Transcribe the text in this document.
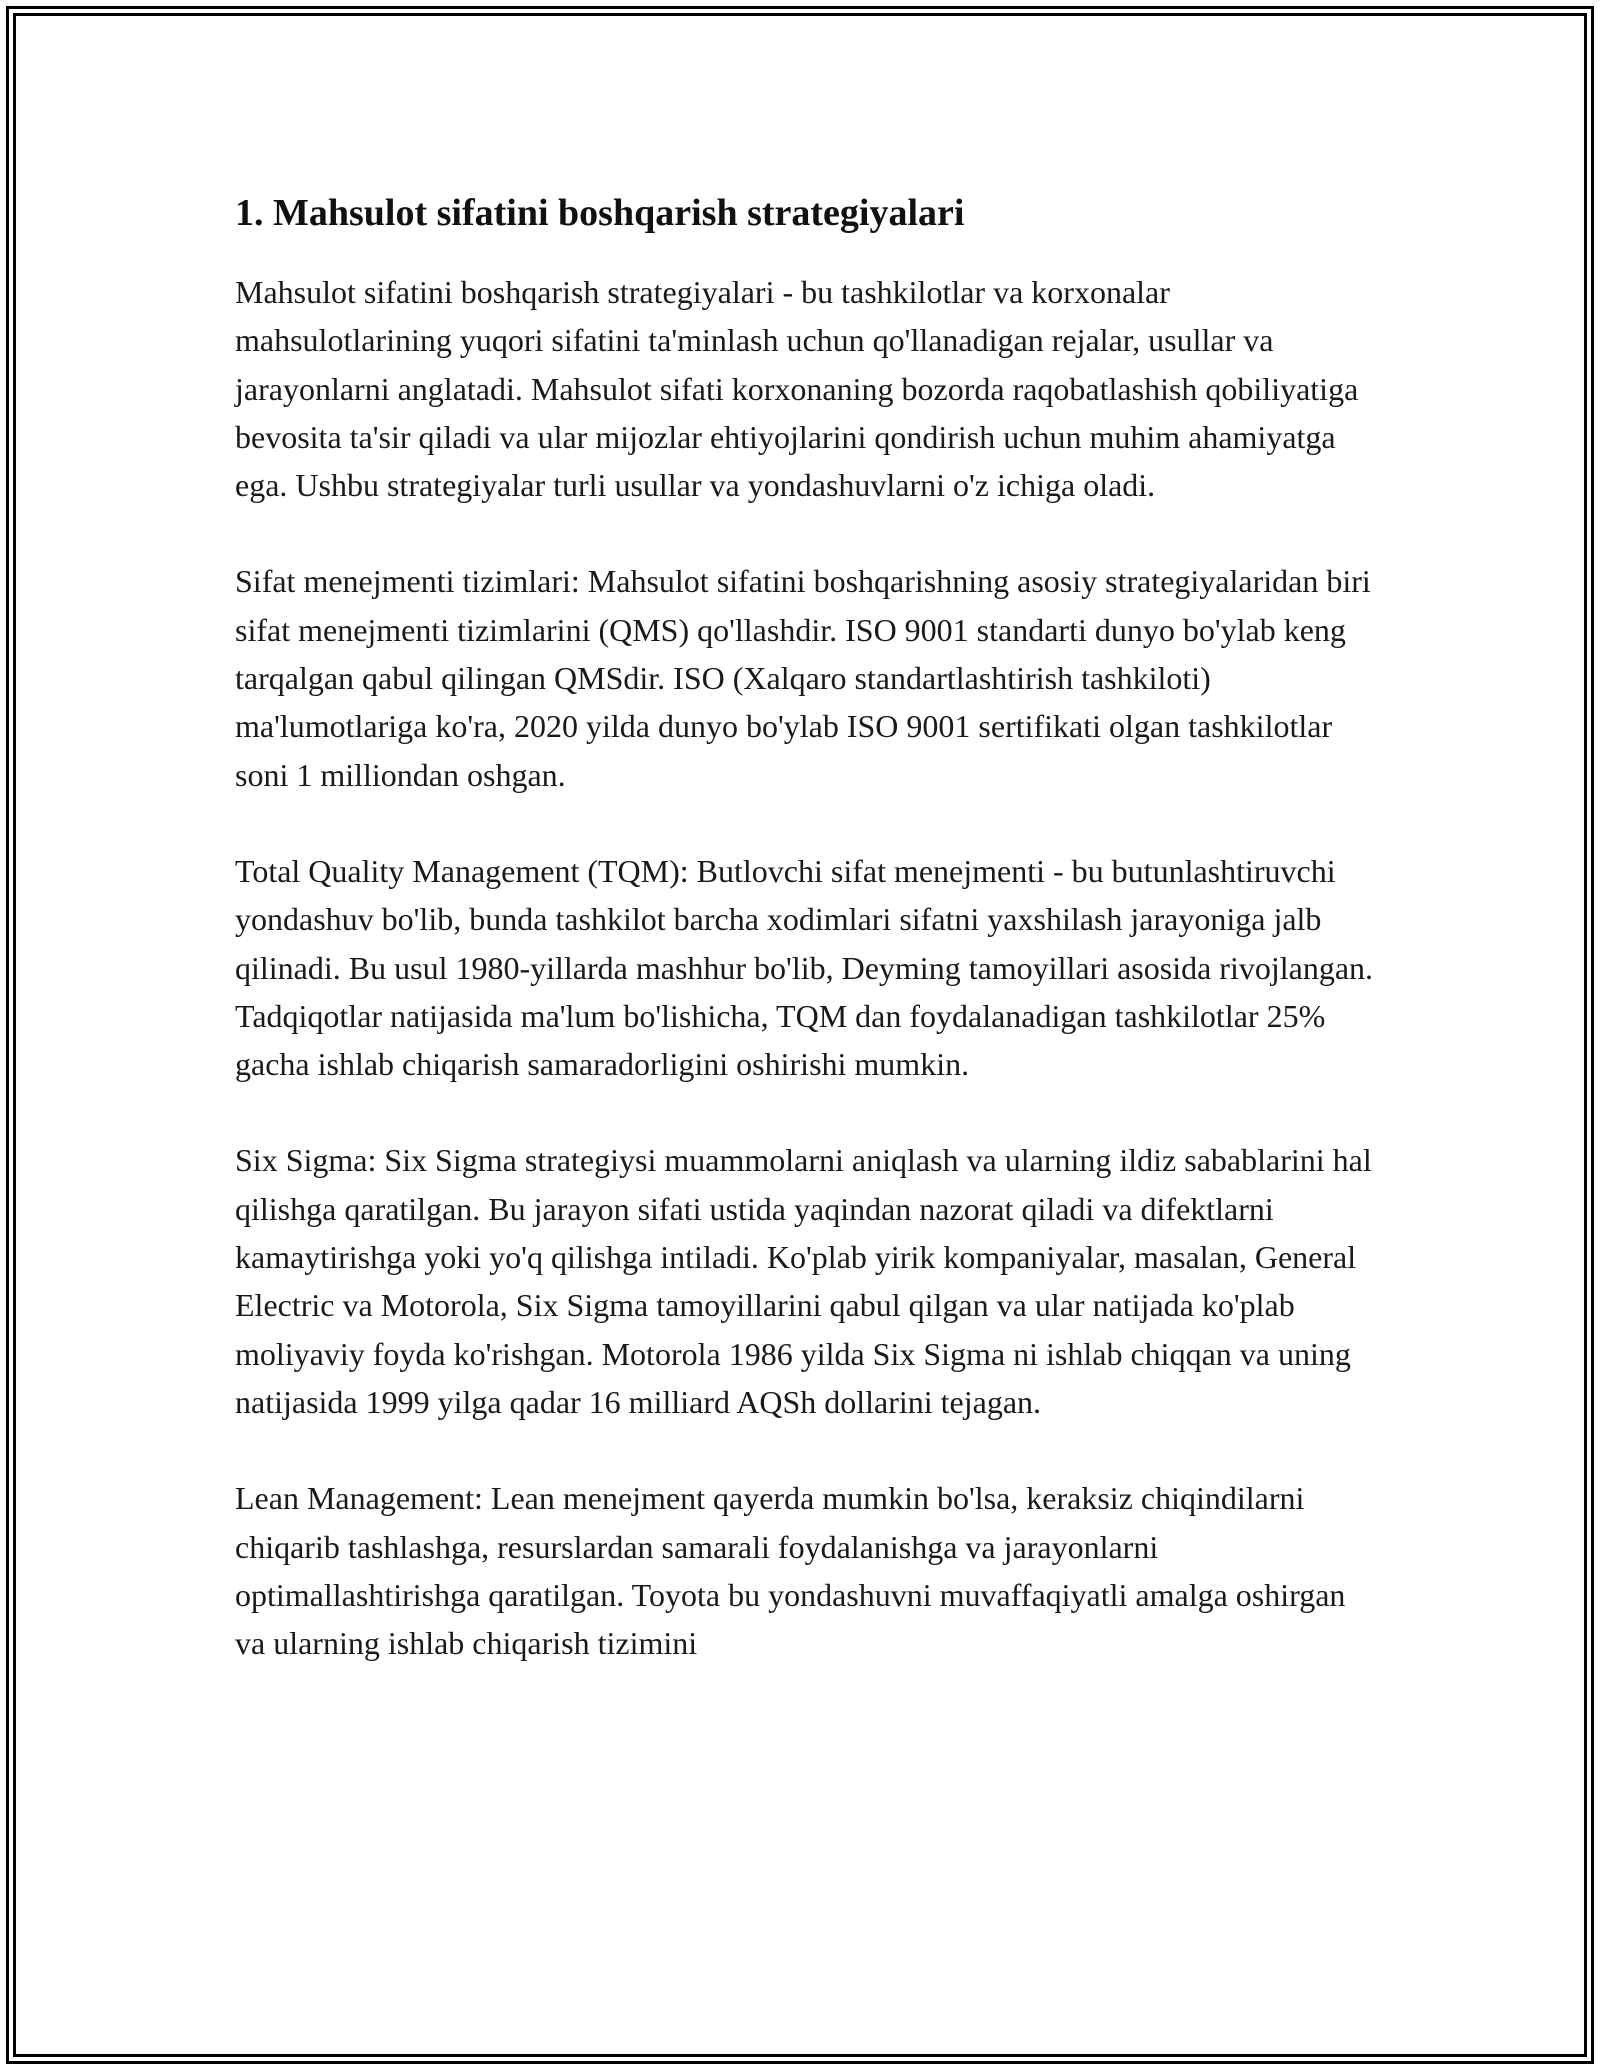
1. Mahsulot sifatini boshqarish strategiyalari

Mahsulot sifatini boshqarish strategiyalari - bu tashkilotlar va korxonalar mahsulotlarining yuqori sifatini ta'minlash uchun qo'llanadigan rejalar, usullar va jarayonlarni anglatadi. Mahsulot sifati korxonaning bozorda raqobatlashish qobiliyatiga bevosita ta'sir qiladi va ular mijozlar ehtiyojlarini qondirish uchun muhim ahamiyatga ega. Ushbu strategiyalar turli usullar va yondashuvlarni o'z ichiga oladi.

Sifat menejmenti tizimlari: Mahsulot sifatini boshqarishning asosiy strategiyalaridan biri sifat menejmenti tizimlarini (QMS) qo'llashdir. ISO 9001 standarti dunyo bo'ylab keng tarqalgan qabul qilingan QMSdir. ISO (Xalqaro standartlashtirish tashkiloti) ma'lumotlariga ko'ra, 2020 yilda dunyo bo'ylab ISO 9001 sertifikati olgan tashkilotlar soni 1 milliondan oshgan.

Total Quality Management (TQM): Butlovchi sifat menejmenti - bu butunlashtiruvchi yondashuv bo'lib, bunda tashkilot barcha xodimlari sifatni yaxshilash jarayoniga jalb qilinadi. Bu usul 1980-yillarda mashhur bo'lib, Deyming tamoyillari asosida rivojlangan. Tadqiqotlar natijasida ma'lum bo'lishicha, TQM dan foydalanadigan tashkilotlar 25% gacha ishlab chiqarish samaradorligini oshirishi mumkin.

Six Sigma: Six Sigma strategiysi muammolarni aniqlash va ularning ildiz sabablarini hal qilishga qaratilgan. Bu jarayon sifati ustida yaqindan nazorat qiladi va difektlarni kamaytirishga yoki yo'q qilishga intiladi. Ko'plab yirik kompaniyalar, masalan, General Electric va Motorola, Six Sigma tamoyillarini qabul qilgan va ular natijada ko'plab moliyaviy foyda ko'rishgan. Motorola 1986 yilda Six Sigma ni ishlab chiqqan va uning natijasida 1999 yilga qadar 16 milliard AQSh dollarini tejagan.

Lean Management: Lean menejment qayerda mumkin bo'lsa, keraksiz chiqindilarni chiqarib tashlashga, resurslardan samarali foydalanishga va jarayonlarni optimallashtirishga qaratilgan. Toyota bu yondashuvni muvaffaqiyatli amalga oshirgan va ularning ishlab chiqarish tizimini
